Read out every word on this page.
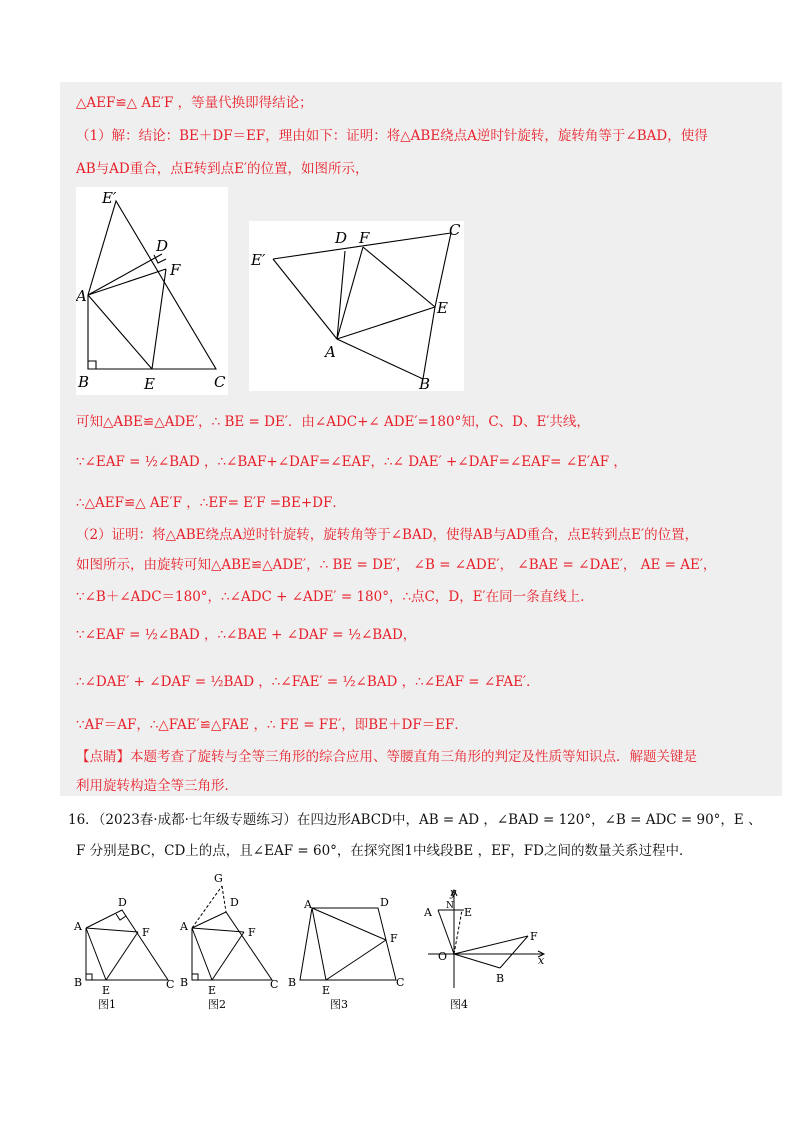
△AEF≌△ AE′F ，等量代换即得结论；
（1）解：结论：BE＋DF＝EF，理由如下：证明：将△ABE绕点A逆时针旋转，旋转角等于∠BAD，使得
AB与AD重合，点E转到点E′的位置，如图所示，
E′
D
F
A
B	E	C
D F	C
E′
E
A
B
可知△ABE≌△ADE′，∴ BE = DE′．由∠ADC+∠ ADE′=180°知，C、D、E′共线，
∵∠EAF = ½∠BAD ，∴∠BAF+∠DAF=∠EAF，∴∠ DAE′ +∠DAF=∠EAF= ∠E′AF ，
∴△AEF≌△ AE′F ，∴EF= E′F =BE+DF．
（2）证明：将△ABE绕点A逆时针旋转，旋转角等于∠BAD，使得AB与AD重合，点E转到点E′的位置，
如图所示，由旋转可知△ABE≌△ADE′，∴ BE = DE′， ∠B = ∠ADE′， ∠BAE = ∠DAE′， AE = AE′，
∵∠B＋∠ADC＝180°，∴∠ADC + ∠ADE′ = 180°，∴点C，D，E′在同一条直线上．
∵∠EAF = ½∠BAD ，∴∠BAE + ∠DAF = ½∠BAD，
∴∠DAE′ + ∠DAF = ½BAD ，∴∠FAE′ = ½∠BAD ，∴∠EAF = ∠FAE′．
∵AF＝AF，∴△FAE′≌△FAE ，∴ FE = FE′，即BE＋DF＝EF．
【点睛】本题考查了旋转与全等三角形的综合应用、等腰直角三角形的判定及性质等知识点．解题关键是
利用旋转构造全等三角形．
16．（2023春·成都·七年级专题练习）在四边形ABCD中，AB = AD ，∠BAD = 120°，∠B = ADC = 90°，E 、
F 分别是BC，CD上的点，且∠EAF = 60°，在探究图1中线段BE ，EF，FD之间的数量关系过程中．
D
A	F
B
E	C
图1
G
D
A	F
B
E	C
图2
A	D
F
B
E
C
图3
y
A N E
F
O
B
x
图4
